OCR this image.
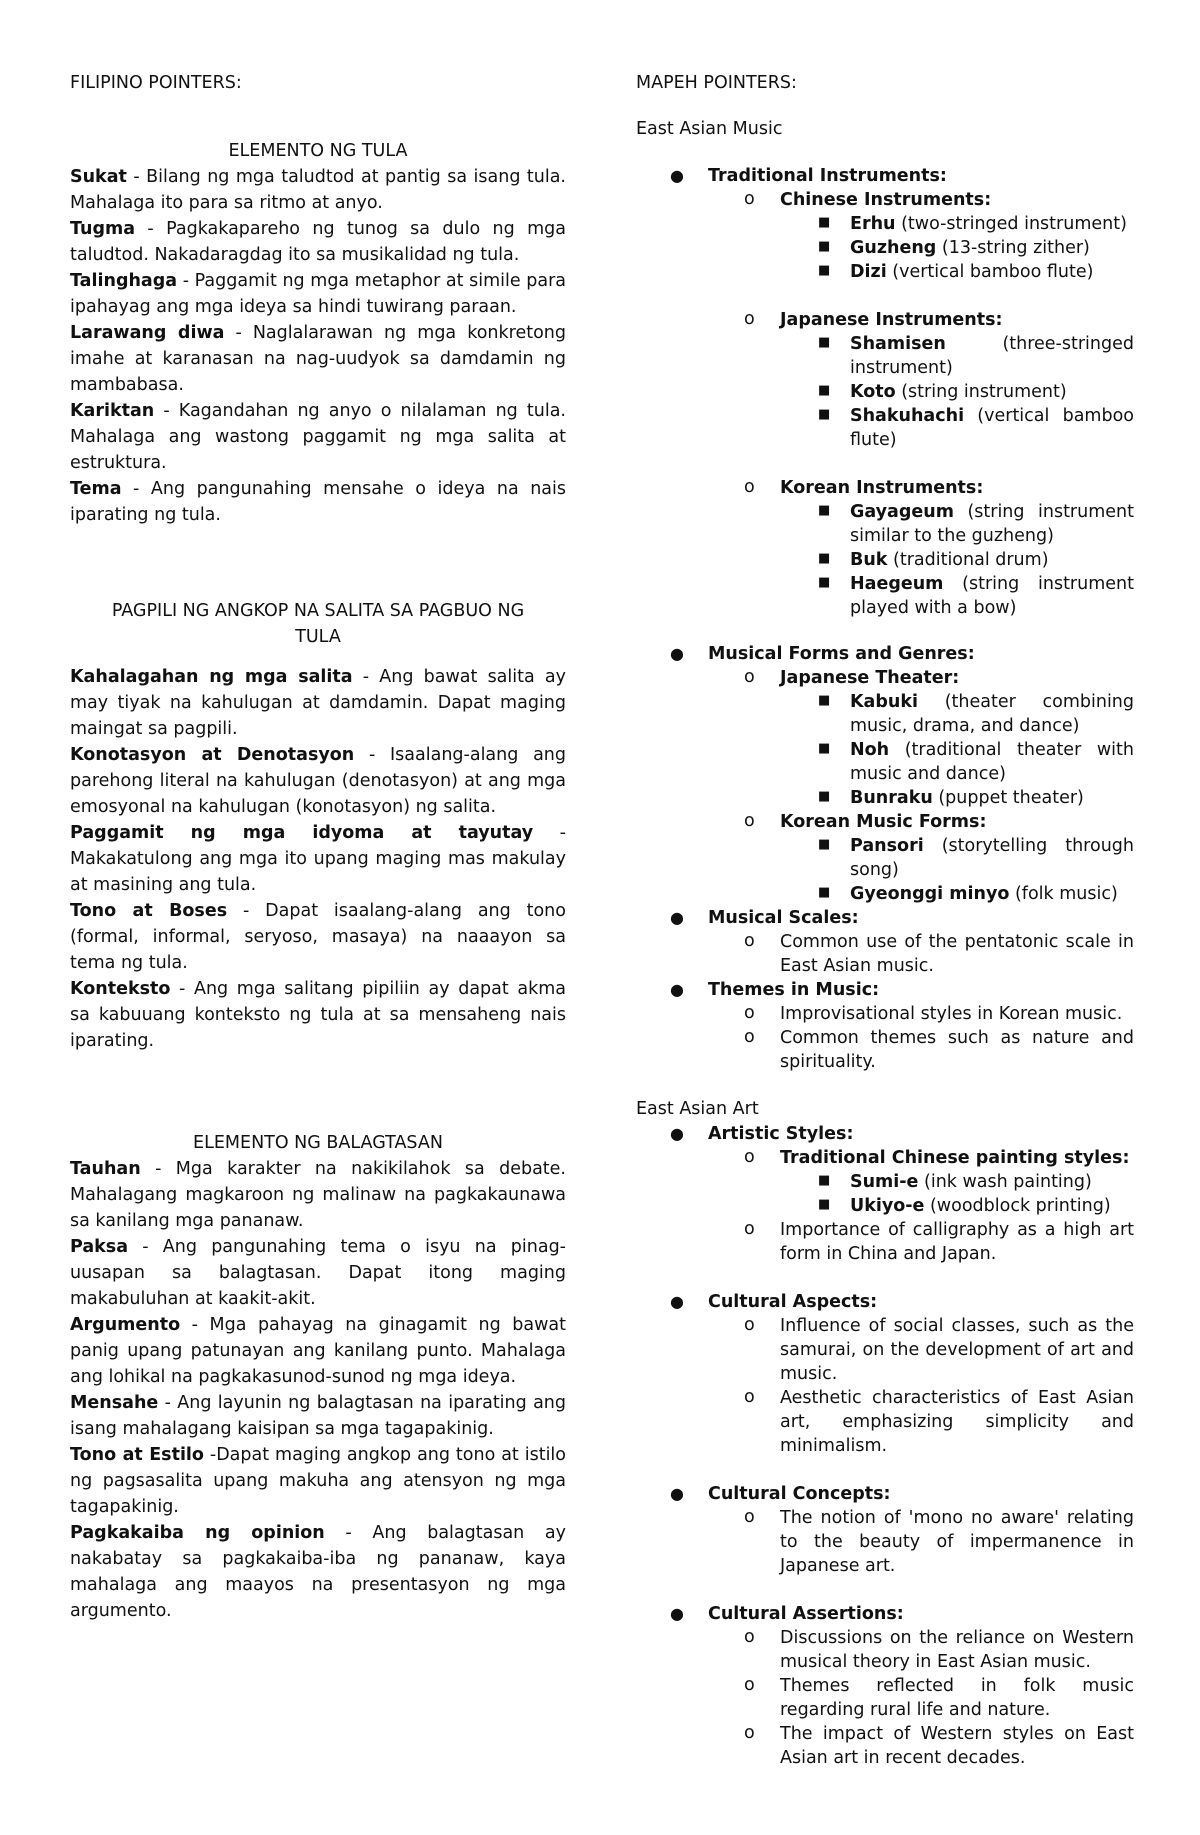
FILIPINO POINTERS:
ELEMENTO NG TULA
Sukat - Bilang ng mga taludtod at pantig sa isang tula. Mahalaga ito para sa ritmo at anyo.
Tugma - Pagkakapareho ng tunog sa dulo ng mga taludtod. Nakadaragdag ito sa musikalidad ng tula.
Talinghaga - Paggamit ng mga metaphor at simile para ipahayag ang mga ideya sa hindi tuwirang paraan.
Larawang diwa - Naglalarawan ng mga konkretong imahe at karanasan na nag-uudyok sa damdamin ng mambabasa.
Kariktan - Kagandahan ng anyo o nilalaman ng tula. Mahalaga ang wastong paggamit ng mga salita at estruktura.
Tema - Ang pangunahing mensahe o ideya na nais iparating ng tula.
PAGPILI NG ANGKOP NA SALITA SA PAGBUO NG TULA
Kahalagahan ng mga salita - Ang bawat salita ay may tiyak na kahulugan at damdamin. Dapat maging maingat sa pagpili.
Konotasyon at Denotasyon - Isaalang-alang ang parehong literal na kahulugan (denotasyon) at ang mga emosyonal na kahulugan (konotasyon) ng salita.
Paggamit ng mga idyoma at tayutay - Makakatulong ang mga ito upang maging mas makulay at masining ang tula.
Tono at Boses - Dapat isaalang-alang ang tono (formal, informal, seryoso, masaya) na naaayon sa tema ng tula.
Konteksto - Ang mga salitang pipiliin ay dapat akma sa kabuuang konteksto ng tula at sa mensaheng nais iparating.
ELEMENTO NG BALAGTASAN
Tauhan - Mga karakter na nakikilahok sa debate. Mahalagang magkaroon ng malinaw na pagkakaunawa sa kanilang mga pananaw.
Paksa - Ang pangunahing tema o isyu na pinag-uusapan sa balagtasan. Dapat itong maging makabuluhan at kaakit-akit.
Argumento - Mga pahayag na ginagamit ng bawat panig upang patunayan ang kanilang punto. Mahalaga ang lohikal na pagkakasunod-sunod ng mga ideya.
Mensahe - Ang layunin ng balagtasan na iparating ang isang mahalagang kaisipan sa mga tagapakinig.
Tono at Estilo -Dapat maging angkop ang tono at istilo ng pagsasalita upang makuha ang atensyon ng mga tagapakinig.
Pagkakaiba ng opinion - Ang balagtasan ay nakabatay sa pagkakaiba-iba ng pananaw, kaya mahalaga ang maayos na presentasyon ng mga argumento.
MAPEH POINTERS:
East Asian Music
● Traditional Instruments:
o Chinese Instruments:
■ Erhu (two-stringed instrument)
■ Guzheng (13-string zither)
■ Dizi (vertical bamboo flute)
o Japanese Instruments:
■ Shamisen (three-stringed instrument)
■ Koto (string instrument)
■ Shakuhachi (vertical bamboo flute)
o Korean Instruments:
■ Gayageum (string instrument similar to the guzheng)
■ Buk (traditional drum)
■ Haegeum (string instrument played with a bow)
● Musical Forms and Genres:
o Japanese Theater:
■ Kabuki (theater combining music, drama, and dance)
■ Noh (traditional theater with music and dance)
■ Bunraku (puppet theater)
o Korean Music Forms:
■ Pansori (storytelling through song)
■ Gyeonggi minyo (folk music)
● Musical Scales:
o Common use of the pentatonic scale in East Asian music.
● Themes in Music:
o Improvisational styles in Korean music.
o Common themes such as nature and spirituality.
East Asian Art
● Artistic Styles:
o Traditional Chinese painting styles:
■ Sumi-e (ink wash painting)
■ Ukiyo-e (woodblock printing)
o Importance of calligraphy as a high art form in China and Japan.
● Cultural Aspects:
o Influence of social classes, such as the samurai, on the development of art and music.
o Aesthetic characteristics of East Asian art, emphasizing simplicity and minimalism.
● Cultural Concepts:
o The notion of 'mono no aware' relating to the beauty of impermanence in Japanese art.
● Cultural Assertions:
o Discussions on the reliance on Western musical theory in East Asian music.
o Themes reflected in folk music regarding rural life and nature.
o The impact of Western styles on East Asian art in recent decades.
